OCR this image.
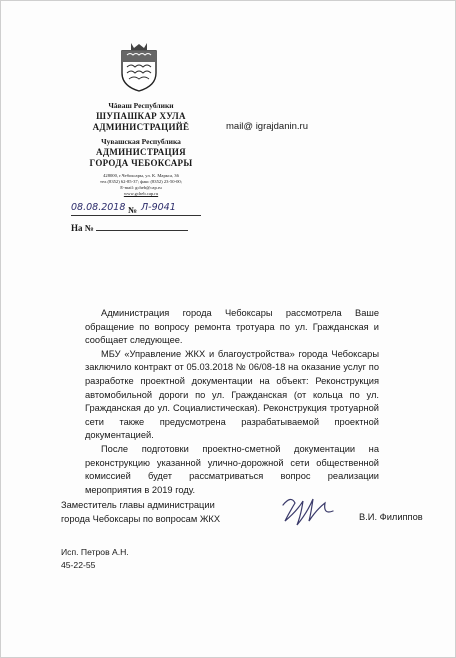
Чăваш Республики
ШУПАШКАР ХУЛА
АДМИНИСТРАЦИЙĚ
Чувашская Республика
АДМИНИСТРАЦИЯ
ГОРОДА ЧЕБОКСАРЫ
428000, г.Чебоксары, ул. К. Маркса, 36
тел.(8352) 62-85-37; факс (8352) 23-50-00;
E-mail: gcheb@cap.ru
www.gcheb.cap.ru
mail@ igrajdanin.ru
08.08.2018 № Л-9041
На №

Администрация города Чебоксары рассмотрела Ваше обращение по вопросу ремонта тротуара по ул. Гражданская и сообщает следующее.

МБУ «Управление ЖКХ и благоустройства» города Чебоксары заключило контракт от 05.03.2018 № 06/08-18 на оказание услуг по разработке проектной документации на объект: Реконструкция автомобильной дороги по ул. Гражданская (от кольца по ул. Гражданская до ул. Социалистическая). Реконструкция тротуарной сети также предусмотрена разрабатываемой проектной документацией.

После подготовки проектно-сметной документации на реконструкцию указанной улично-дорожной сети общественной комиссией будет рассматриваться вопрос реализации мероприятия в 2019 году.

Заместитель главы администрации
города Чебоксары по вопросам ЖКХ	В.И. Филиппов
Исп. Петров А.Н.
45-22-55
